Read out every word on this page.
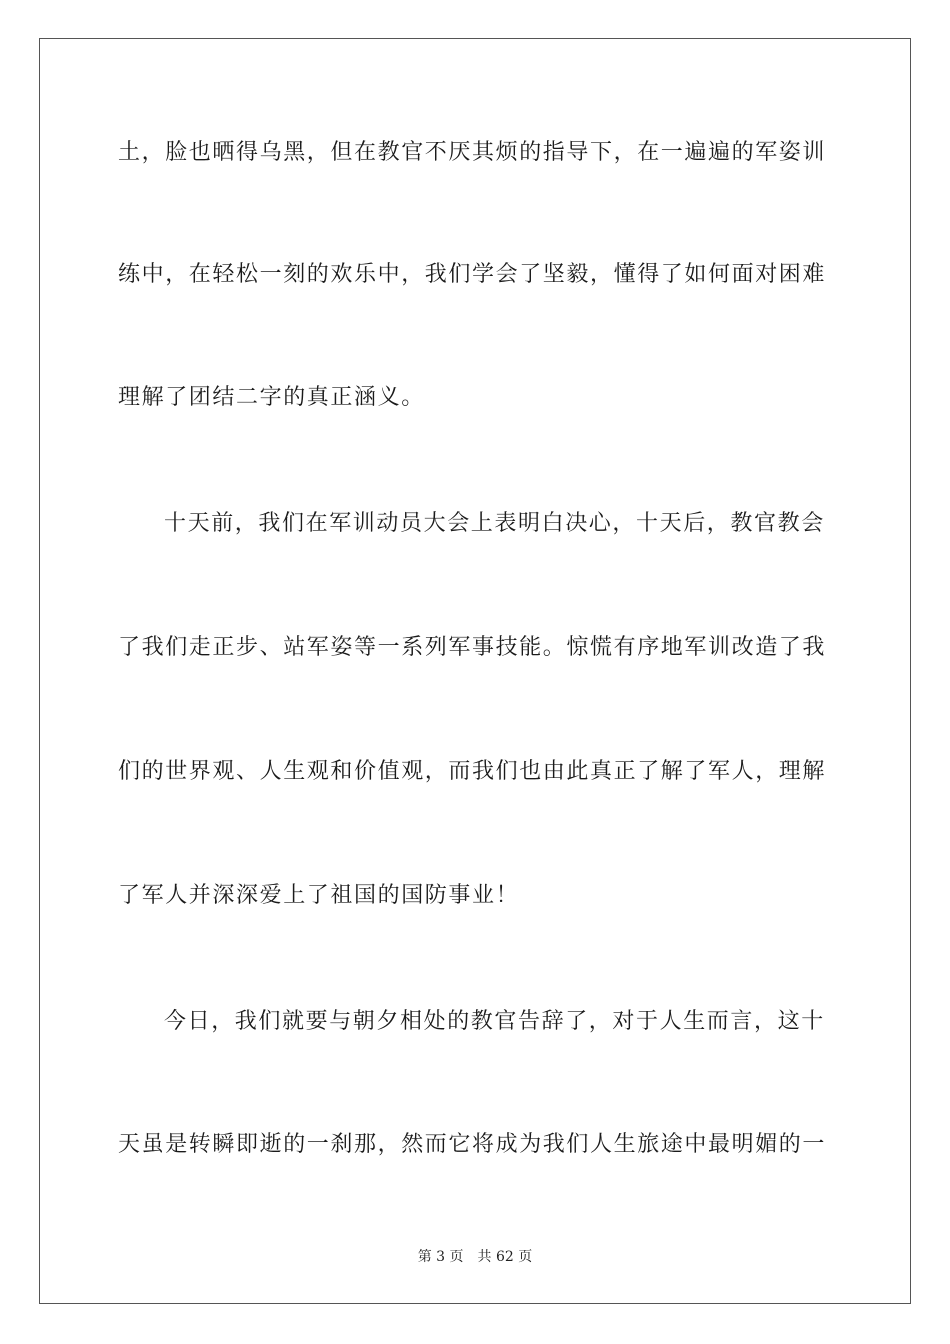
土，脸也晒得乌黑，但在教官不厌其烦的指导下，在一遍遍的军姿训
练中，在轻松一刻的欢乐中，我们学会了坚毅，懂得了如何面对困难
理解了团结二字的真正涵义。
十天前，我们在军训动员大会上表明白决心，十天后，教官教会
了我们走正步、站军姿等一系列军事技能。惊慌有序地军训改造了我
们的世界观、人生观和价值观，而我们也由此真正了解了军人，理解
了军人并深深爱上了祖国的国防事业！
今日，我们就要与朝夕相处的教官告辞了，对于人生而言，这十
天虽是转瞬即逝的一刹那，然而它将成为我们人生旅途中最明媚的一
第 3 页 共 62 页
